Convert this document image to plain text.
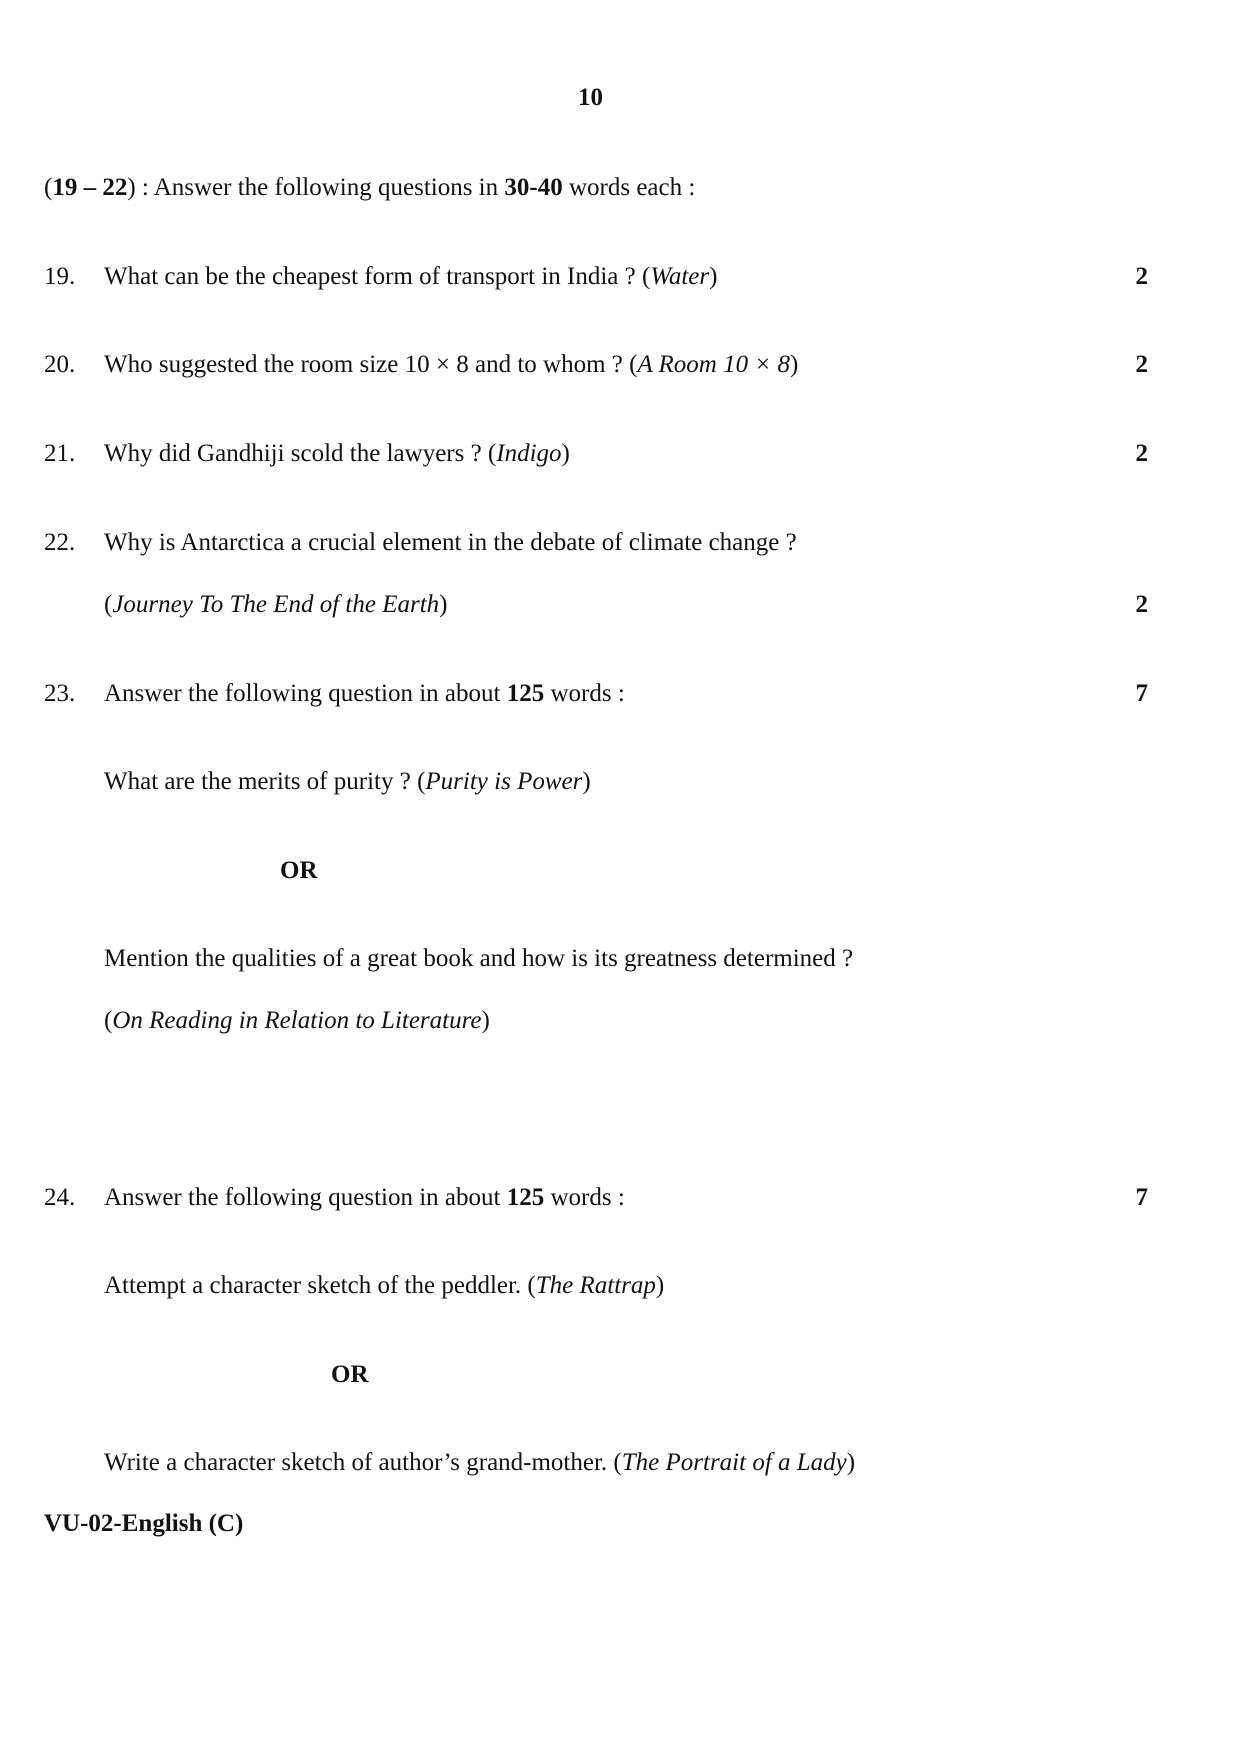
10
(19 – 22) : Answer the following questions in 30-40 words each :
19. What can be the cheapest form of transport in India ? (Water)	2
20. Who suggested the room size 10 × 8 and to whom ? (A Room 10 × 8)	2
21. Why did Gandhiji scold the lawyers ? (Indigo)	2
22. Why is Antarctica a crucial element in the debate of climate change ?
(Journey To The End of the Earth)	2
23. Answer the following question in about 125 words :	7
What are the merits of purity ? (Purity is Power)
OR
Mention the qualities of a great book and how is its greatness determined ?
(On Reading in Relation to Literature)
24. Answer the following question in about 125 words :	7
Attempt a character sketch of the peddler. (The Rattrap)
OR
Write a character sketch of author’s grand-mother. (The Portrait of a Lady)
VU-02-English (C)
